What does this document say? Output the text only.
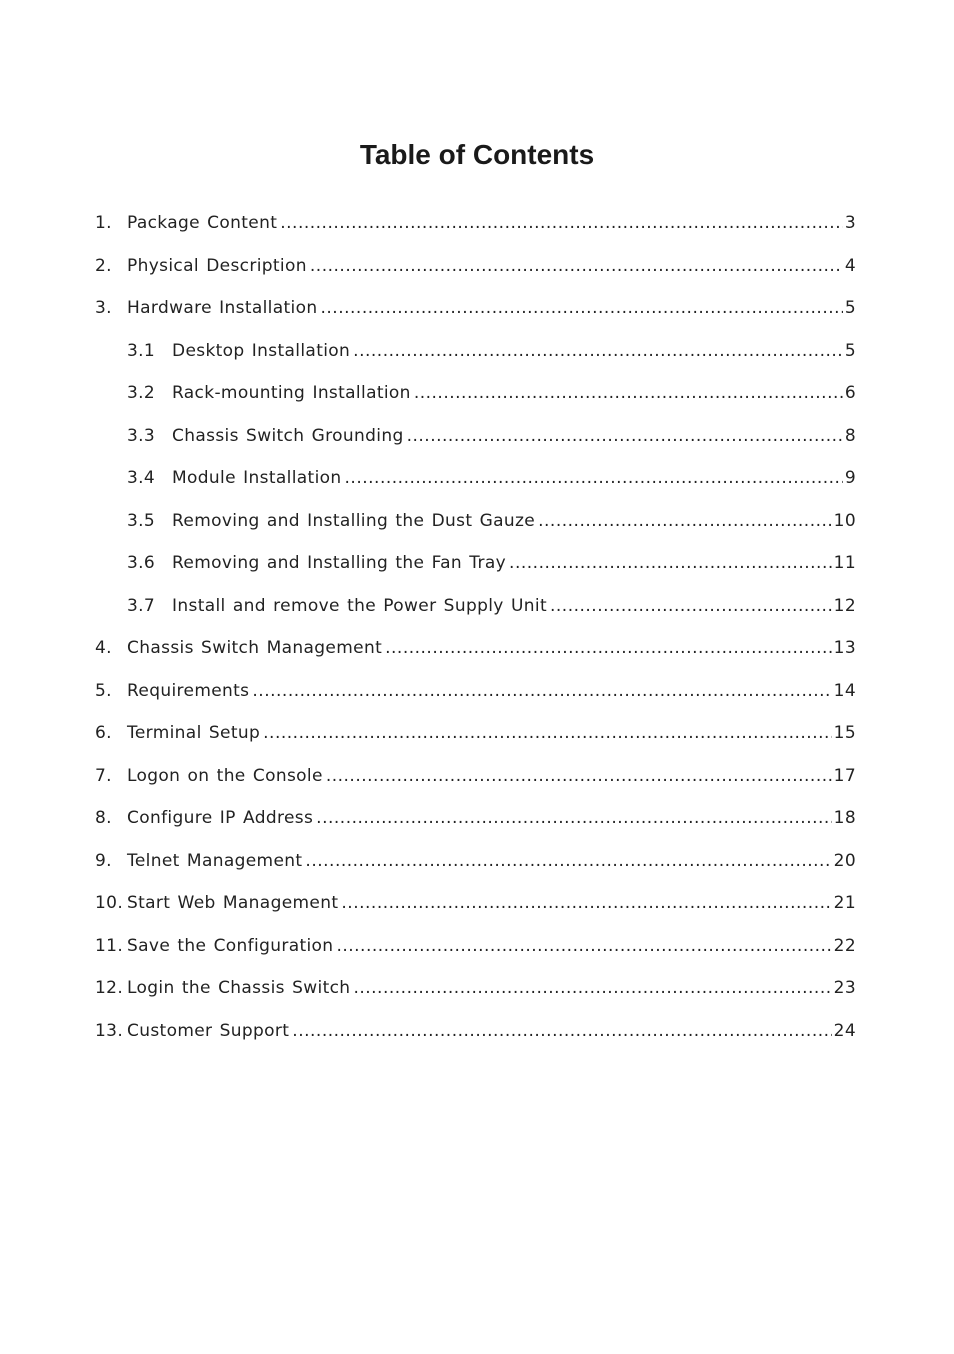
Table of Contents
1. Package Content .....	3
2. Physical Description .....	4
3. Hardware Installation .....	5
3.1 Desktop Installation .....	5
3.2 Rack-mounting Installation .....	6
3.3 Chassis Switch Grounding .....	8
3.4 Module Installation .....	9
3.5 Removing and Installing the Dust Gauze .....	10
3.6 Removing and Installing the Fan Tray .....	11
3.7 Install and remove the Power Supply Unit .....	12
4. Chassis Switch Management .....	13
5. Requirements .....	14
6. Terminal Setup .....	15
7. Logon on the Console .....	17
8. Configure IP Address .....	18
9. Telnet Management .....	20
10. Start Web Management .....	21
11. Save the Configuration .....	22
12. Login the Chassis Switch .....	23
13. Customer Support .....	24
